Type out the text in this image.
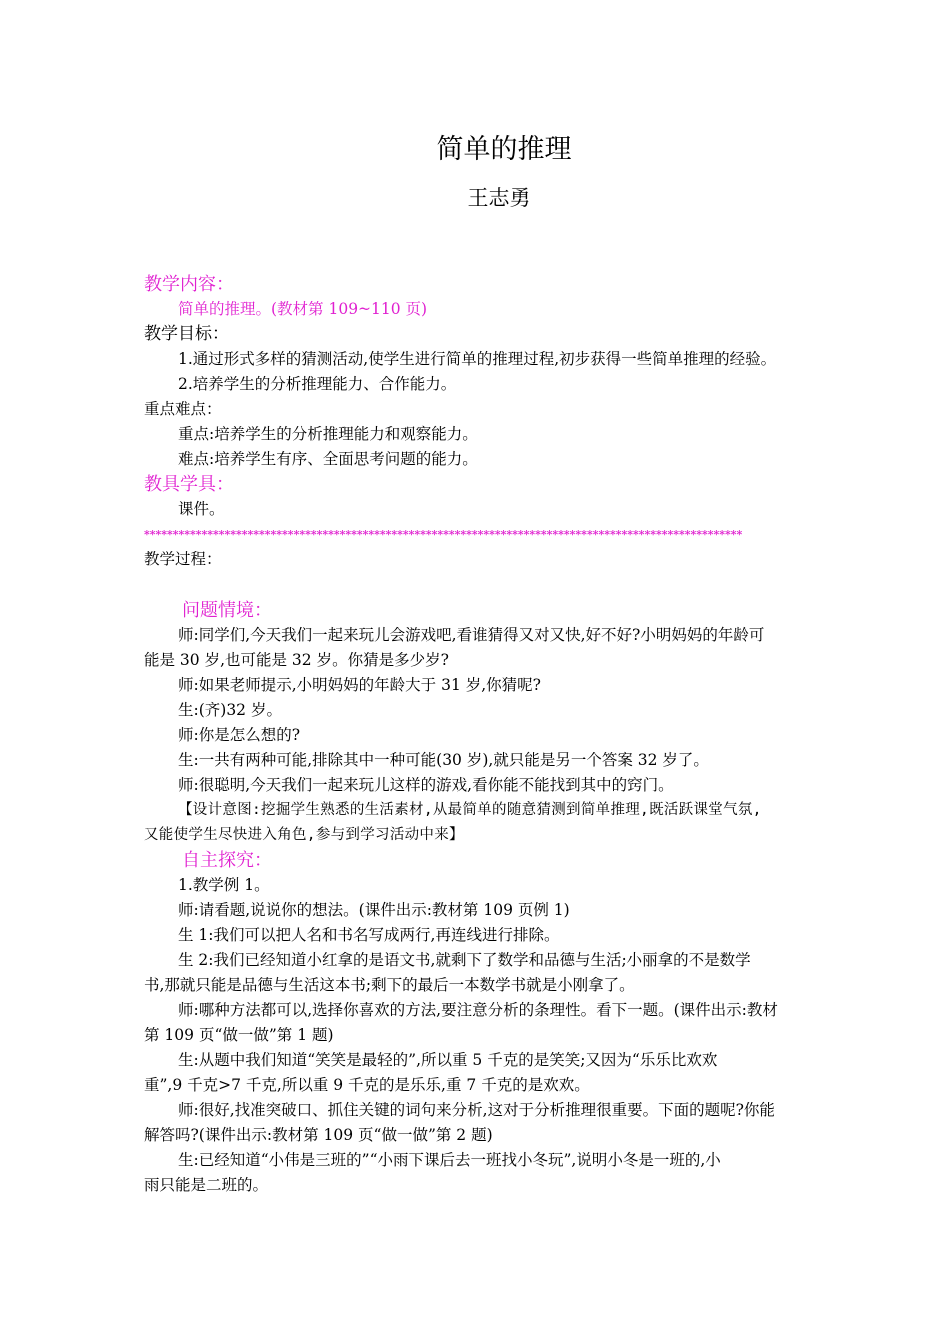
简单的推理
王志勇
教学内容：
简单的推理。(教材第 109~110 页)
教学目标：
1.通过形式多样的猜测活动,使学生进行简单的推理过程,初步获得一些简单推理的经验。
2.培养学生的分析推理能力、合作能力。
重点难点：
重点:培养学生的分析推理能力和观察能力。
难点:培养学生有序、全面思考问题的能力。
教具学具：
课件。
********************************************************************************************************
教学过程：
问题情境：
师:同学们,今天我们一起来玩儿会游戏吧,看谁猜得又对又快,好不好?小明妈妈的年龄可
能是 30 岁,也可能是 32 岁。你猜是多少岁?
师:如果老师提示,小明妈妈的年龄大于 31 岁,你猜呢?
生:(齐)32 岁。
师:你是怎么想的?
生:一共有两种可能,排除其中一种可能(30 岁),就只能是另一个答案 32 岁了。
师:很聪明,今天我们一起来玩儿这样的游戏,看你能不能找到其中的窍门。
【设计意图:挖掘学生熟悉的生活素材,从最简单的随意猜测到简单推理,既活跃课堂气氛,
又能使学生尽快进入角色,参与到学习活动中来】
自主探究：
1.教学例 1。
师:请看题,说说你的想法。(课件出示:教材第 109 页例 1)
生 1:我们可以把人名和书名写成两行,再连线进行排除。
生 2:我们已经知道小红拿的是语文书,就剩下了数学和品德与生活;小丽拿的不是数学
书,那就只能是品德与生活这本书;剩下的最后一本数学书就是小刚拿了。
师:哪种方法都可以,选择你喜欢的方法,要注意分析的条理性。看下一题。(课件出示:教材
第 109 页“做一做”第 1 题)
生:从题中我们知道“笑笑是最轻的”,所以重 5 千克的是笑笑;又因为“乐乐比欢欢
重”,9 千克>7 千克,所以重 9 千克的是乐乐,重 7 千克的是欢欢。
师:很好,找准突破口、抓住关键的词句来分析,这对于分析推理很重要。下面的题呢?你能
解答吗?(课件出示:教材第 109 页“做一做”第 2 题)
生:已经知道“小伟是三班的”“小雨下课后去一班找小冬玩”,说明小冬是一班的,小
雨只能是二班的。
